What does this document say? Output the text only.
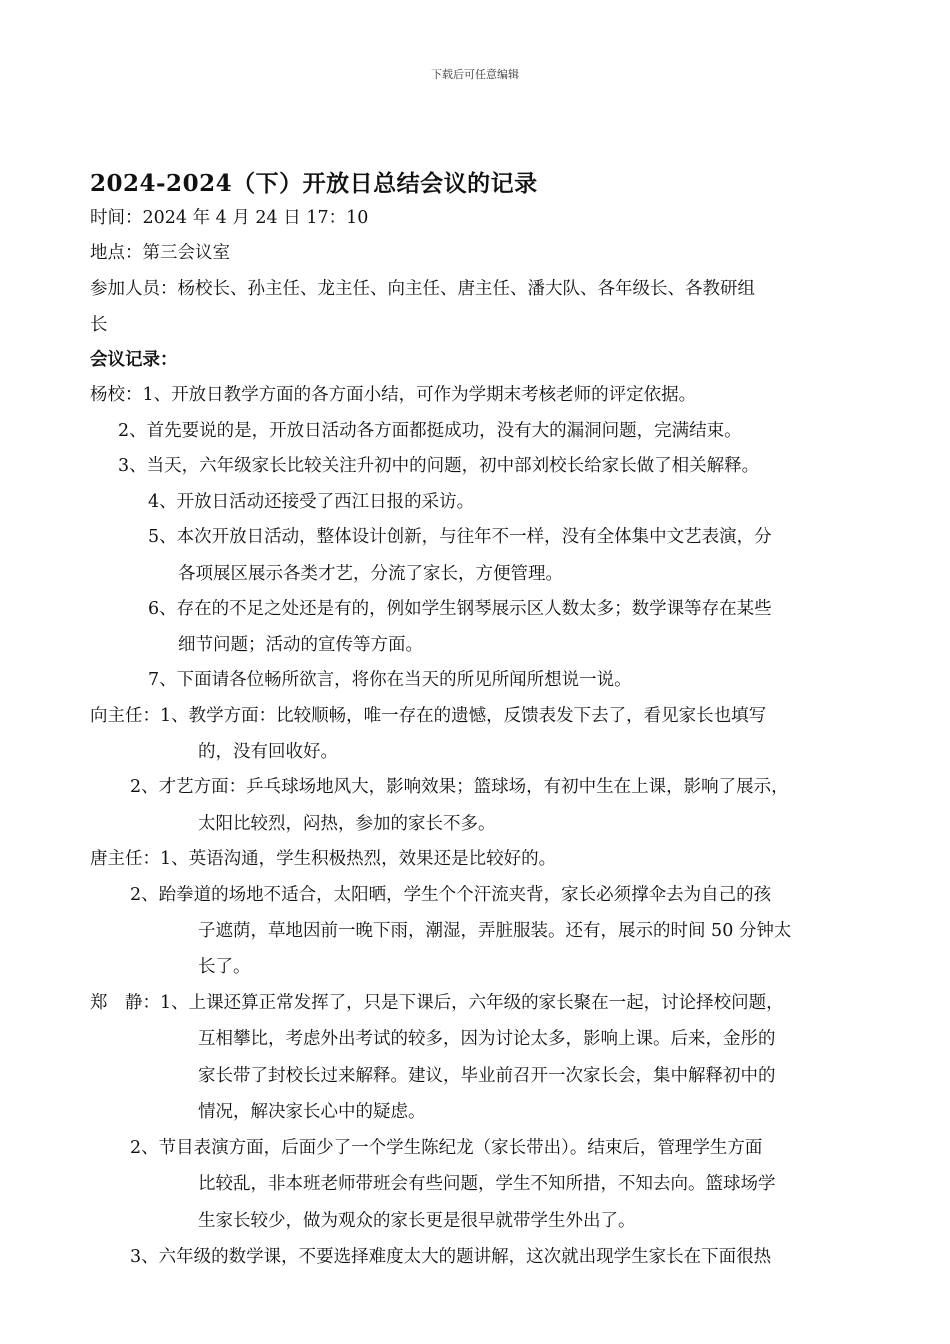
下载后可任意编辑
2024-2024（下）开放日总结会议的记录
时间：2024 年 4 月 24 日 17：10
地点：第三会议室
参加人员：杨校长、孙主任、龙主任、向主任、唐主任、潘大队、各年级长、各教研组
长
会议记录：
杨校：1、开放日教学方面的各方面小结，可作为学期末考核老师的评定依据。
2、首先要说的是，开放日活动各方面都挺成功，没有大的漏洞问题，完满结束。
3、当天，六年级家长比较关注升初中的问题，初中部刘校长给家长做了相关解释。
4、开放日活动还接受了西江日报的采访。
5、本次开放日活动，整体设计创新，与往年不一样，没有全体集中文艺表演，分
各项展区展示各类才艺，分流了家长，方便管理。
6、存在的不足之处还是有的，例如学生钢琴展示区人数太多；数学课等存在某些
细节问题；活动的宣传等方面。
7、下面请各位畅所欲言，将你在当天的所见所闻所想说一说。
向主任：1、教学方面：比较顺畅，唯一存在的遗憾，反馈表发下去了，看见家长也填写
的，没有回收好。
2、才艺方面：乒乓球场地风大，影响效果；篮球场，有初中生在上课，影响了展示，
太阳比较烈，闷热，参加的家长不多。
唐主任：1、英语沟通，学生积极热烈，效果还是比较好的。
2、跆拳道的场地不适合，太阳晒，学生个个汗流夹背，家长必须撑伞去为自己的孩
子遮荫，草地因前一晚下雨，潮湿，弄脏服装。还有，展示的时间 50 分钟太
长了。
郑　静：1、上课还算正常发挥了，只是下课后，六年级的家长聚在一起，讨论择校问题，
互相攀比，考虑外出考试的较多，因为讨论太多，影响上课。后来，金彤的
家长带了封校长过来解释。建议，毕业前召开一次家长会，集中解释初中的
情况，解决家长心中的疑虑。
2、节目表演方面，后面少了一个学生陈纪龙（家长带出）。结束后，管理学生方面
比较乱，非本班老师带班会有些问题，学生不知所措，不知去向。篮球场学
生家长较少，做为观众的家长更是很早就带学生外出了。
3、六年级的数学课，不要选择难度太大的题讲解，这次就出现学生家长在下面很热
